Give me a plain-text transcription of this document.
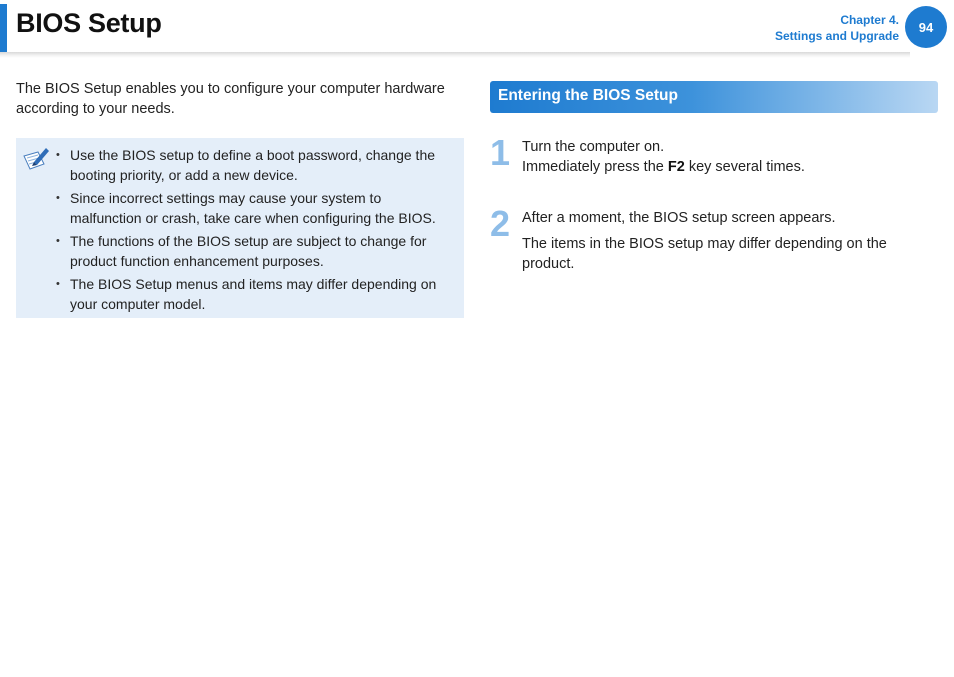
BIOS Setup	Chapter 4.
Settings and Upgrade
94
The BIOS Setup enables you to configure your computer hardware according to your needs.
• Use the BIOS setup to define a boot password, change the booting priority, or add a new device.
• Since incorrect settings may cause your system to malfunction or crash, take care when configuring the BIOS.
• The functions of the BIOS setup are subject to change for product function enhancement purposes.
• The BIOS Setup menus and items may differ depending on your computer model.
Entering the BIOS Setup
1 Turn the computer on.

Immediately press the F2 key several times.

2 After a moment, the BIOS setup screen appears.

The items in the BIOS setup may differ depending on the product.
